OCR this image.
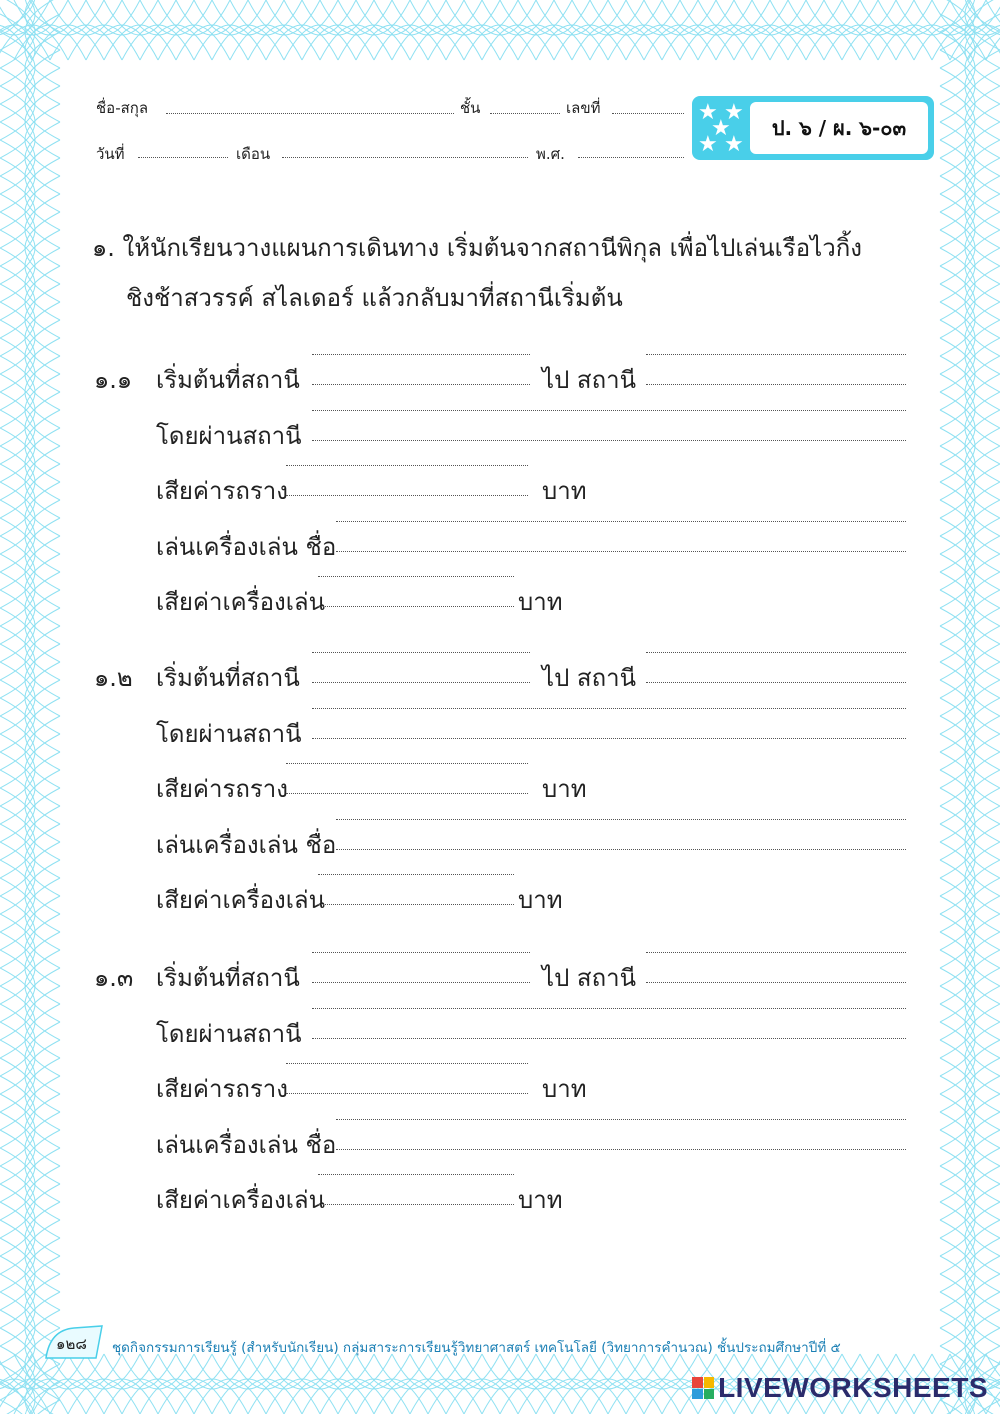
ชื่อ-สกุล	ชั้น	เลขที่
วันที่	เดือน	พ.ศ.
★ ★
★
★ ★
ป. ๖ / ผ. ๖-๐๓
๑. ให้นักเรียนวางแผนการเดินทาง เริ่มต้นจากสถานีพิกุล เพื่อไปเล่นเรือไวกิ้ง
ชิงช้าสวรรค์ สไลเดอร์ แล้วกลับมาที่สถานีเริ่มต้น
๑.๑ เริ่มต้นที่สถานี	ไป สถานี
โดยผ่านสถานี
เสียค่ารถราง	บาท
เล่นเครื่องเล่น ชื่อ
เสียค่าเครื่องเล่น	บาท
๑.๒ เริ่มต้นที่สถานี	ไป สถานี
โดยผ่านสถานี
เสียค่ารถราง	บาท
เล่นเครื่องเล่น ชื่อ
เสียค่าเครื่องเล่น	บาท
๑.๓ เริ่มต้นที่สถานี	ไป สถานี
โดยผ่านสถานี
เสียค่ารถราง	บาท
เล่นเครื่องเล่น ชื่อ
เสียค่าเครื่องเล่น	บาท
๑๒๘ ชุดกิจกรรมการเรียนรู้ (สำหรับนักเรียน) กลุ่มสาระการเรียนรู้วิทยาศาสตร์ เทคโนโลยี (วิทยาการคำนวณ) ชั้นประถมศึกษาปีที่ ๕
LIVEWORKSHEETS
